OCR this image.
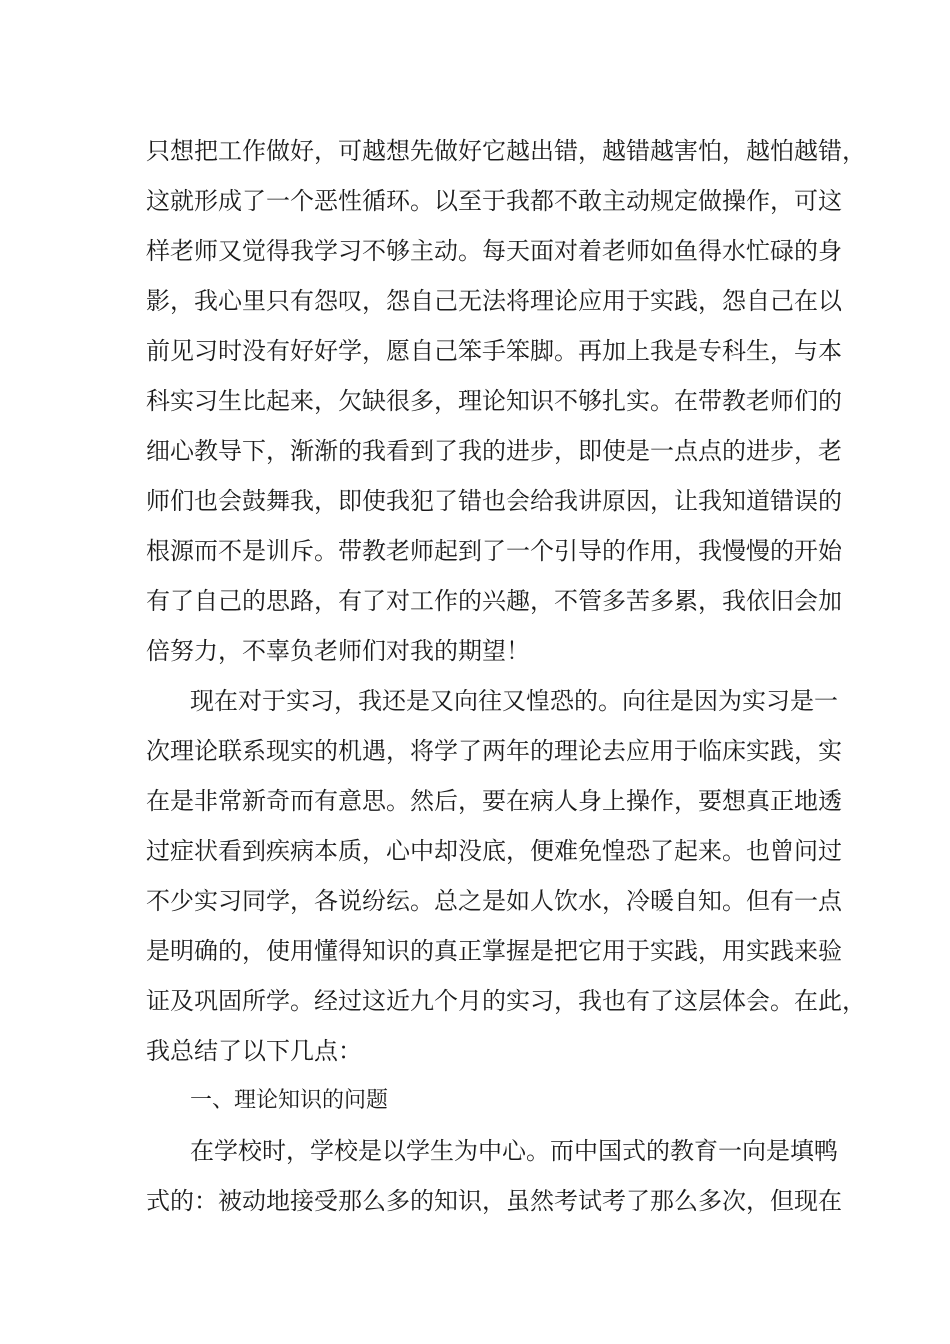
只想把工作做好，可越想先做好它越出错，越错越害怕，越怕越错，
这就形成了一个恶性循环。以至于我都不敢主动规定做操作，可这
样老师又觉得我学习不够主动。每天面对着老师如鱼得水忙碌的身
影，我心里只有怨叹，怨自己无法将理论应用于实践，怨自己在以
前见习时没有好好学，愿自己笨手笨脚。再加上我是专科生，与本
科实习生比起来，欠缺很多，理论知识不够扎实。在带教老师们的
细心教导下，渐渐的我看到了我的进步，即使是一点点的进步，老
师们也会鼓舞我，即使我犯了错也会给我讲原因，让我知道错误的
根源而不是训斥。带教老师起到了一个引导的作用，我慢慢的开始
有了自己的思路，有了对工作的兴趣，不管多苦多累，我依旧会加
倍努力，不辜负老师们对我的期望！
现在对于实习，我还是又向往又惶恐的。向往是因为实习是一
次理论联系现实的机遇，将学了两年的理论去应用于临床实践，实
在是非常新奇而有意思。然后，要在病人身上操作，要想真正地透
过症状看到疾病本质，心中却没底，便难免惶恐了起来。也曾问过
不少实习同学，各说纷纭。总之是如人饮水，冷暖自知。但有一点
是明确的，使用懂得知识的真正掌握是把它用于实践，用实践来验
证及巩固所学。经过这近九个月的实习，我也有了这层体会。在此，
我总结了以下几点：
一、理论知识的问题
在学校时，学校是以学生为中心。而中国式的教育一向是填鸭
式的：被动地接受那么多的知识，虽然考试考了那么多次，但现在
